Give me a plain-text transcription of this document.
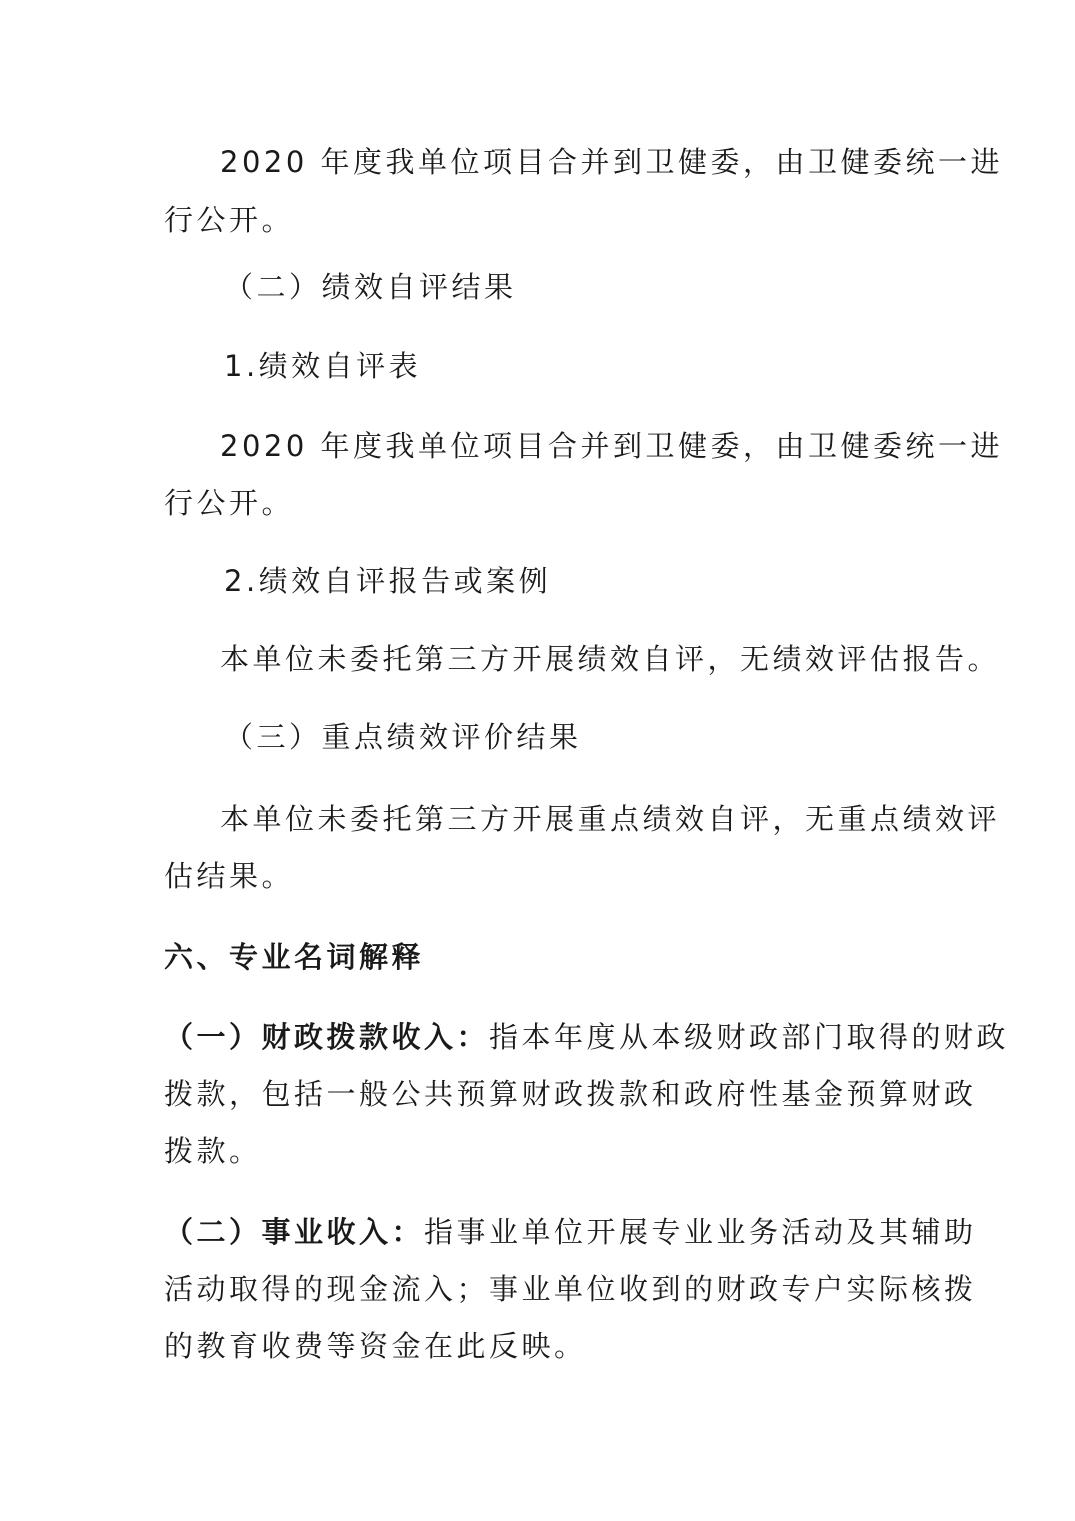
2020 年度我单位项目合并到卫健委，由卫健委统一进
行公开。
（二）绩效自评结果
1.绩效自评表
2020 年度我单位项目合并到卫健委，由卫健委统一进
行公开。
2.绩效自评报告或案例
本单位未委托第三方开展绩效自评，无绩效评估报告。
（三）重点绩效评价结果
本单位未委托第三方开展重点绩效自评，无重点绩效评
估结果。
六、专业名词解释
（一）财政拨款收入：指本年度从本级财政部门取得的财政
拨款，包括一般公共预算财政拨款和政府性基金预算财政
拨款。
（二）事业收入：指事业单位开展专业业务活动及其辅助
活动取得的现金流入；事业单位收到的财政专户实际核拨
的教育收费等资金在此反映。
